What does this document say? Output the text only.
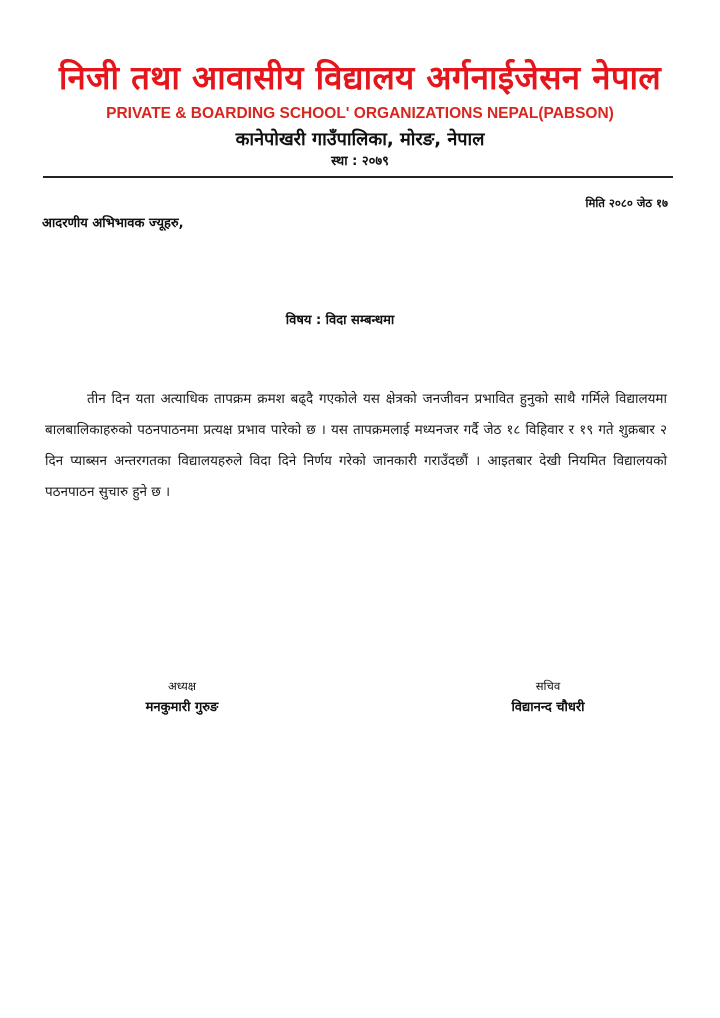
निजी तथा आवासीय विद्यालय अर्गनाईजेसन नेपाल
PRIVATE & BOARDING SCHOOL' ORGANIZATIONS NEPAL(PABSON)
कानेपोखरी गाउँपालिका, मोरङ, नेपाल
स्था : २०७९
मिति २०८० जेठ १७
आदरणीय अभिभावक ज्यूहरु,
विषय : विदा सम्बन्धमा

तीन दिन यता अत्याधिक तापक्रम क्रमश बढ्दै गएकोले यस क्षेत्रको जनजीवन प्रभावित हुनुको साथै गर्मिले विद्यालयमा बालबालिकाहरुको पठनपाठनमा प्रत्यक्ष प्रभाव पारेको छ । यस तापक्रमलाई मध्यनजर गर्दै जेठ १८ विहिवार र १९ गते शुक्रबार २ दिन प्याब्सन अन्तरगतका विद्यालयहरुले विदा दिने निर्णय गरेको जानकारी गराउँदछौं । आइतबार देखी नियमित विद्यालयको पठनपाठन सुचारु हुने छ ।

अध्यक्ष
मनकुमारी गुरुङ
सचिव
विद्यानन्द चौधरी
